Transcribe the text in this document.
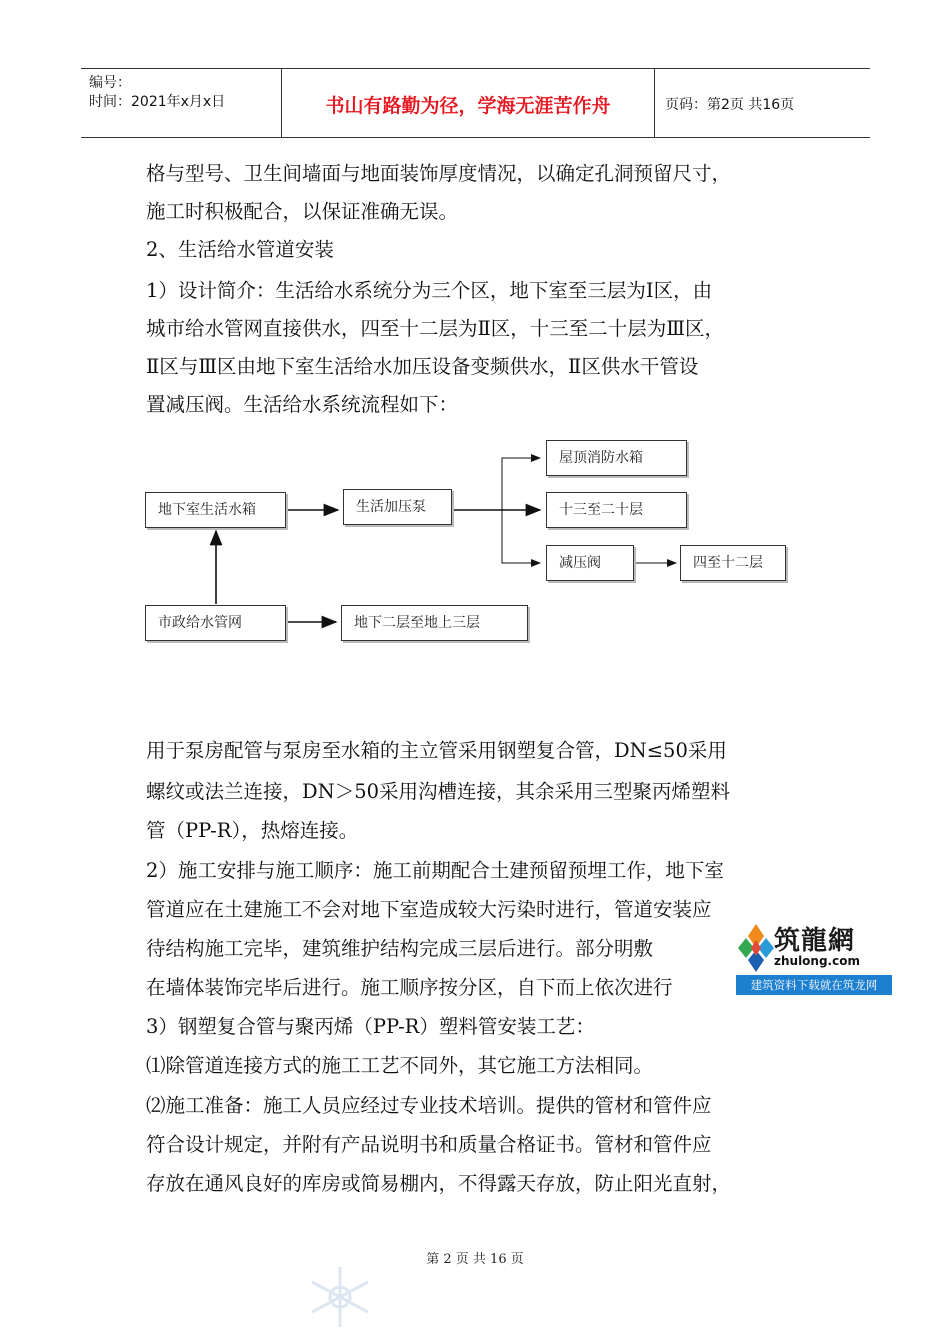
编号：
时间：2021年x月x日	书山有路勤为径，学海无涯苦作舟	页码：第2页 共16页
格与型号、卫生间墙面与地面装饰厚度情况，以确定孔洞预留尺寸，
施工时积极配合，以保证准确无误。
2、生活给水管道安装
1）设计简介：生活给水系统分为三个区，地下室至三层为Ⅰ区，由
城市给水管网直接供水，四至十二层为Ⅱ区，十三至二十层为Ⅲ区，
Ⅱ区与Ⅲ区由地下室生活给水加压设备变频供水，Ⅱ区供水干管设
置减压阀。生活给水系统流程如下：
地下室生活水箱	生活加压泵
屋顶消防水箱
十三至二十层
减压阀	四至十二层
市政给水管网	地下二层至地上三层
用于泵房配管与泵房至水箱的主立管采用钢塑复合管，DN≤50采用
螺纹或法兰连接，DN＞50采用沟槽连接，其余采用三型聚丙烯塑料
管（PP-R），热熔连接。
2）施工安排与施工顺序：施工前期配合土建预留预埋工作，地下室
管道应在土建施工不会对地下室造成较大污染时进行，管道安装应
待结构施工完毕，建筑维护结构完成三层后进行。部分明敷
在墙体装饰完毕后进行。施工顺序按分区，自下而上依次进行
3）钢塑复合管与聚丙烯（PP-R）塑料管安装工艺：
⑴除管道连接方式的施工工艺不同外，其它施工方法相同。
⑵施工准备：施工人员应经过专业技术培训。提供的管材和管件应
符合设计规定，并附有产品说明书和质量合格证书。管材和管件应
存放在通风良好的库房或简易棚内，不得露天存放，防止阳光直射，
筑龍網
zhulong.com
建筑资料下载就在筑龙网
第 2 页 共 16 页
